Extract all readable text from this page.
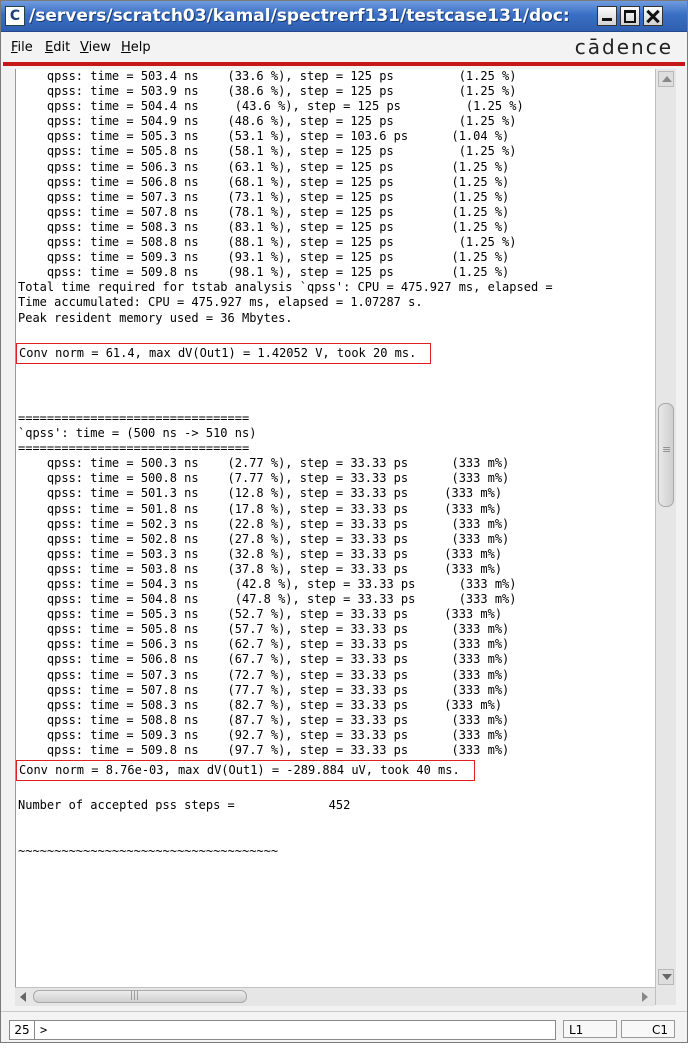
C /servers/scratch03/kamal/spectrerf131/testcase131/doc:
File Edit View Help	cādence
qpss: time = 503.4 ns    (33.6 %), step = 125 ps         (1.25 %)
qpss: time = 503.9 ns    (38.6 %), step = 125 ps         (1.25 %)
qpss: time = 504.4 ns     (43.6 %), step = 125 ps         (1.25 %)
qpss: time = 504.9 ns    (48.6 %), step = 125 ps         (1.25 %)
qpss: time = 505.3 ns    (53.1 %), step = 103.6 ps      (1.04 %)
qpss: time = 505.8 ns    (58.1 %), step = 125 ps         (1.25 %)
qpss: time = 506.3 ns    (63.1 %), step = 125 ps        (1.25 %)
qpss: time = 506.8 ns    (68.1 %), step = 125 ps        (1.25 %)
qpss: time = 507.3 ns    (73.1 %), step = 125 ps        (1.25 %)
qpss: time = 507.8 ns    (78.1 %), step = 125 ps        (1.25 %)
qpss: time = 508.3 ns    (83.1 %), step = 125 ps        (1.25 %)
qpss: time = 508.8 ns    (88.1 %), step = 125 ps         (1.25 %)
qpss: time = 509.3 ns    (93.1 %), step = 125 ps        (1.25 %)
qpss: time = 509.8 ns    (98.1 %), step = 125 ps        (1.25 %)
Total time required for tstab analysis `qpss': CPU = 475.927 ms, elapsed =
Time accumulated: CPU = 475.927 ms, elapsed = 1.07287 s.
Peak resident memory used = 36 Mbytes.
Conv norm = 61.4, max dV(Out1) = 1.42052 V, took 20 ms.
================================
`qpss': time = (500 ns -> 510 ns)
================================
qpss: time = 500.3 ns    (2.77 %), step = 33.33 ps      (333 m%)
qpss: time = 500.8 ns    (7.77 %), step = 33.33 ps      (333 m%)
qpss: time = 501.3 ns    (12.8 %), step = 33.33 ps     (333 m%)
qpss: time = 501.8 ns    (17.8 %), step = 33.33 ps     (333 m%)
qpss: time = 502.3 ns    (22.8 %), step = 33.33 ps      (333 m%)
qpss: time = 502.8 ns    (27.8 %), step = 33.33 ps      (333 m%)
qpss: time = 503.3 ns    (32.8 %), step = 33.33 ps     (333 m%)
qpss: time = 503.8 ns    (37.8 %), step = 33.33 ps     (333 m%)
qpss: time = 504.3 ns     (42.8 %), step = 33.33 ps      (333 m%)
qpss: time = 504.8 ns     (47.8 %), step = 33.33 ps      (333 m%)
qpss: time = 505.3 ns    (52.7 %), step = 33.33 ps     (333 m%)
qpss: time = 505.8 ns    (57.7 %), step = 33.33 ps      (333 m%)
qpss: time = 506.3 ns    (62.7 %), step = 33.33 ps      (333 m%)
qpss: time = 506.8 ns    (67.7 %), step = 33.33 ps      (333 m%)
qpss: time = 507.3 ns    (72.7 %), step = 33.33 ps      (333 m%)
qpss: time = 507.8 ns    (77.7 %), step = 33.33 ps      (333 m%)
qpss: time = 508.3 ns    (82.7 %), step = 33.33 ps     (333 m%)
qpss: time = 508.8 ns    (87.7 %), step = 33.33 ps      (333 m%)
qpss: time = 509.3 ns    (92.7 %), step = 33.33 ps      (333 m%)
qpss: time = 509.8 ns    (97.7 %), step = 33.33 ps      (333 m%)
Conv norm = 8.76e-03, max dV(Out1) = -289.884 uV, took 40 ms.
Number of accepted pss steps =             452
~~~~~~~~~~~~~~~~~~~~~~~~~~~~~~~~~~~~
≡
|||
25 >	L1	C1
